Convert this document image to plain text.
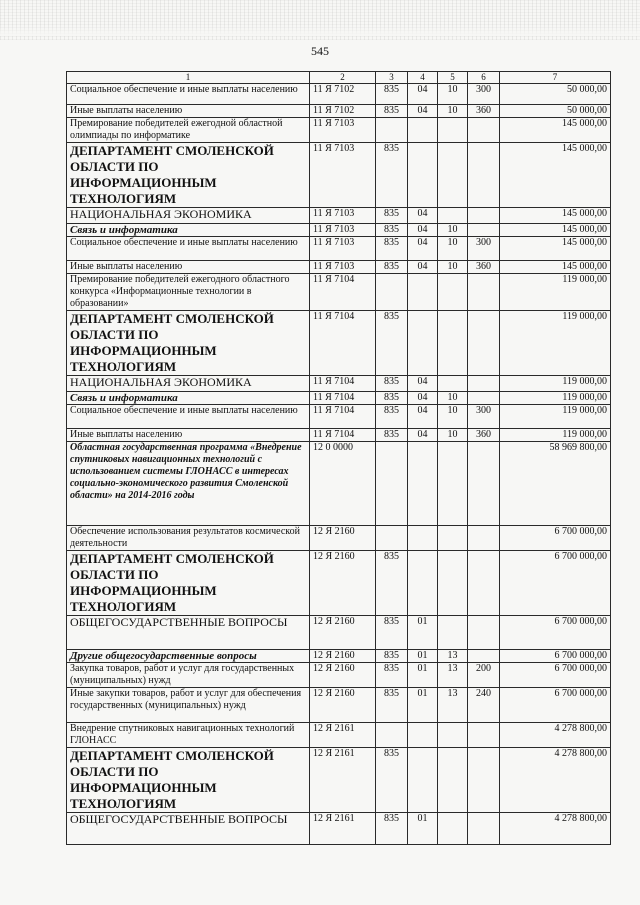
545
1	2	3	4	5	6	7
Социальное обеспечение и иные выплаты населению	11 Я 7102	835	04	10	300	50 000,00
Иные выплаты населению	11 Я 7102	835	04	10	360	50 000,00
Премирование победителей ежегодной областной олимпиады по информатике	11 Я 7103					145 000,00
ДЕПАРТАМЕНТ СМОЛЕНСКОЙ ОБЛАСТИ ПО ИНФОРМАЦИОННЫМ ТЕХНОЛОГИЯМ	11 Я 7103	835				145 000,00
НАЦИОНАЛЬНАЯ ЭКОНОМИКА	11 Я 7103	835	04			145 000,00
Связь и информатика	11 Я 7103	835	04	10		145 000,00
Социальное обеспечение и иные выплаты населению	11 Я 7103	835	04	10	300	145 000,00
Иные выплаты населению	11 Я 7103	835	04	10	360	145 000,00
Премирование победителей ежегодного областного конкурса «Информационные технологии в образовании»	11 Я 7104					119 000,00
ДЕПАРТАМЕНТ СМОЛЕНСКОЙ ОБЛАСТИ ПО ИНФОРМАЦИОННЫМ ТЕХНОЛОГИЯМ	11 Я 7104	835				119 000,00
НАЦИОНАЛЬНАЯ ЭКОНОМИКА	11 Я 7104	835	04			119 000,00
Связь и информатика	11 Я 7104	835	04	10		119 000,00
Социальное обеспечение и иные выплаты населению	11 Я 7104	835	04	10	300	119 000,00
Иные выплаты населению	11 Я 7104	835	04	10	360	119 000,00
Областная государственная программа «Внедрение спутниковых навигационных технологий с использованием системы ГЛОНАСС в интересах социально-экономического развития Смоленской области» на 2014-2016 годы	12 0 0000					58 969 800,00
Обеспечение использования результатов космической деятельности	12 Я 2160					6 700 000,00
ДЕПАРТАМЕНТ СМОЛЕНСКОЙ ОБЛАСТИ ПО ИНФОРМАЦИОННЫМ ТЕХНОЛОГИЯМ	12 Я 2160	835				6 700 000,00
ОБЩЕГОСУДАРСТВЕННЫЕ ВОПРОСЫ	12 Я 2160	835	01			6 700 000,00
Другие общегосударственные вопросы	12 Я 2160	835	01	13		6 700 000,00
Закупка товаров, работ и услуг для государственных (муниципальных) нужд	12 Я 2160	835	01	13	200	6 700 000,00
Иные закупки товаров, работ и услуг для обеспечения государственных (муниципальных) нужд	12 Я 2160	835	01	13	240	6 700 000,00
Внедрение спутниковых навигационных технологий ГЛОНАСС	12 Я 2161					4 278 800,00
ДЕПАРТАМЕНТ СМОЛЕНСКОЙ ОБЛАСТИ ПО ИНФОРМАЦИОННЫМ ТЕХНОЛОГИЯМ	12 Я 2161	835				4 278 800,00
ОБЩЕГОСУДАРСТВЕННЫЕ ВОПРОСЫ	12 Я 2161	835	01			4 278 800,00
